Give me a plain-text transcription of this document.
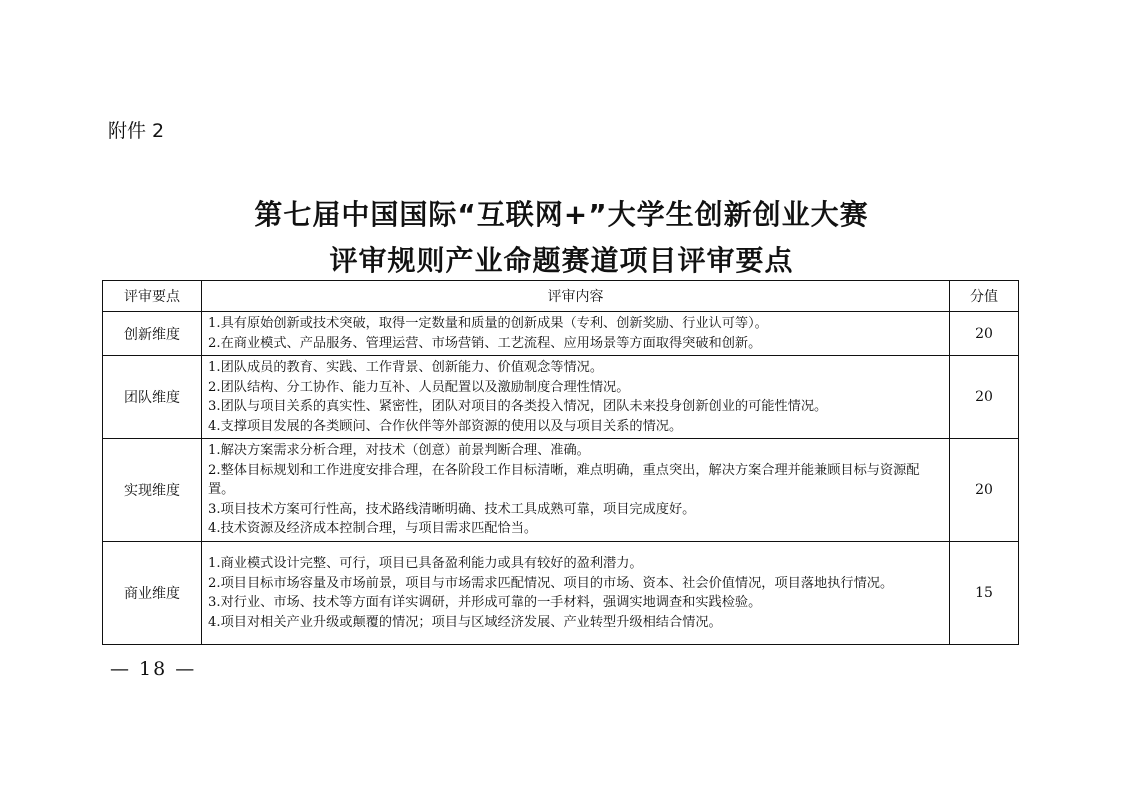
附件 2
第七届中国国际“互联网+”大学生创新创业大赛
评审规则产业命题赛道项目评审要点
评审要点	评审内容	分值
创新维度	1.具有原始创新或技术突破，取得一定数量和质量的创新成果（专利、创新奖励、行业认可等）。
2.在商业模式、产品服务、管理运营、市场营销、工艺流程、应用场景等方面取得突破和创新。	20
团队维度	1.团队成员的教育、实践、工作背景、创新能力、价值观念等情况。
2.团队结构、分工协作、能力互补、人员配置以及激励制度合理性情况。
3.团队与项目关系的真实性、紧密性，团队对项目的各类投入情况，团队未来投身创新创业的可能性情况。
4.支撑项目发展的各类顾问、合作伙伴等外部资源的使用以及与项目关系的情况。	20
实现维度	1.解决方案需求分析合理，对技术（创意）前景判断合理、准确。
2.整体目标规划和工作进度安排合理，在各阶段工作目标清晰，难点明确，重点突出，解决方案合理并能兼顾目标与资源配置。
3.项目技术方案可行性高，技术路线清晰明确、技术工具成熟可靠，项目完成度好。
4.技术资源及经济成本控制合理，与项目需求匹配恰当。	20
商业维度	1.商业模式设计完整、可行，项目已具备盈利能力或具有较好的盈利潜力。
2.项目目标市场容量及市场前景，项目与市场需求匹配情况、项目的市场、资本、社会价值情况，项目落地执行情况。
3.对行业、市场、技术等方面有详实调研，并形成可靠的一手材料，强调实地调查和实践检验。
4.项目对相关产业升级或颠覆的情况；项目与区域经济发展、产业转型升级相结合情况。	15
— 18 —
